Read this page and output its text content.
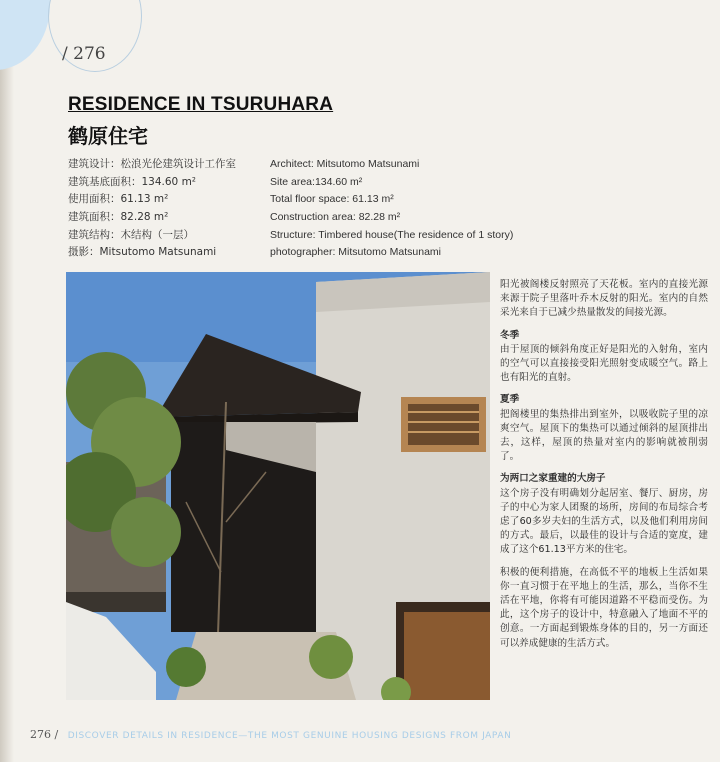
/ 276
RESIDENCE IN TSURUHARA
鹤原住宅
建筑设计：松浪光伦建筑设计工作室
建筑基底面积：134.60 m²
使用面积：61.13 m²
建筑面积：82.28 m²
建筑结构：木结构（一层）
摄影：Mitsutomo Matsunami
Architect: Mitsutomo Matsunami
Site area:134.60 m²
Total floor space: 61.13 m²
Construction area: 82.28 m²
Structure: Timbered house(The residence of 1 story)
photographer: Mitsutomo Matsunami

阳光被阁楼反射照亮了天花板。室内的直接光源来源于院子里落叶乔木反射的阳光。室内的自然采光来自于已减少热量散发的间接光源。

冬季

由于屋顶的倾斜角度正好是阳光的入射角，室内的空气可以直接接受阳光照射变成暖空气。路上也有阳光的直射。

夏季

把阁楼里的集热排出到室外，以吸收院子里的凉爽空气。屋顶下的集热可以通过倾斜的屋顶排出去，这样，屋顶的热量对室内的影响就被削弱了。

为两口之家重建的大房子

这个房子没有明确划分起居室、餐厅、厨房，房子的中心为家人团聚的场所，房间的布局综合考虑了60多岁夫妇的生活方式，以及他们利用房间的方式。最后，以最佳的设计与合适的宽度，建成了这个61.13平方米的住宅。

积极的便利措施，在高低不平的地板上生活如果你一直习惯于在平地上的生活，那么，当你不生活在平地，你将有可能因道路不平稳而受伤。为此，这个房子的设计中，特意融入了地面不平的创意。一方面起到锻炼身体的目的，另一方面还可以养成健康的生活方式。

276 / DISCOVER DETAILS IN RESIDENCE—THE MOST GENUINE HOUSING DESIGNS FROM JAPAN
